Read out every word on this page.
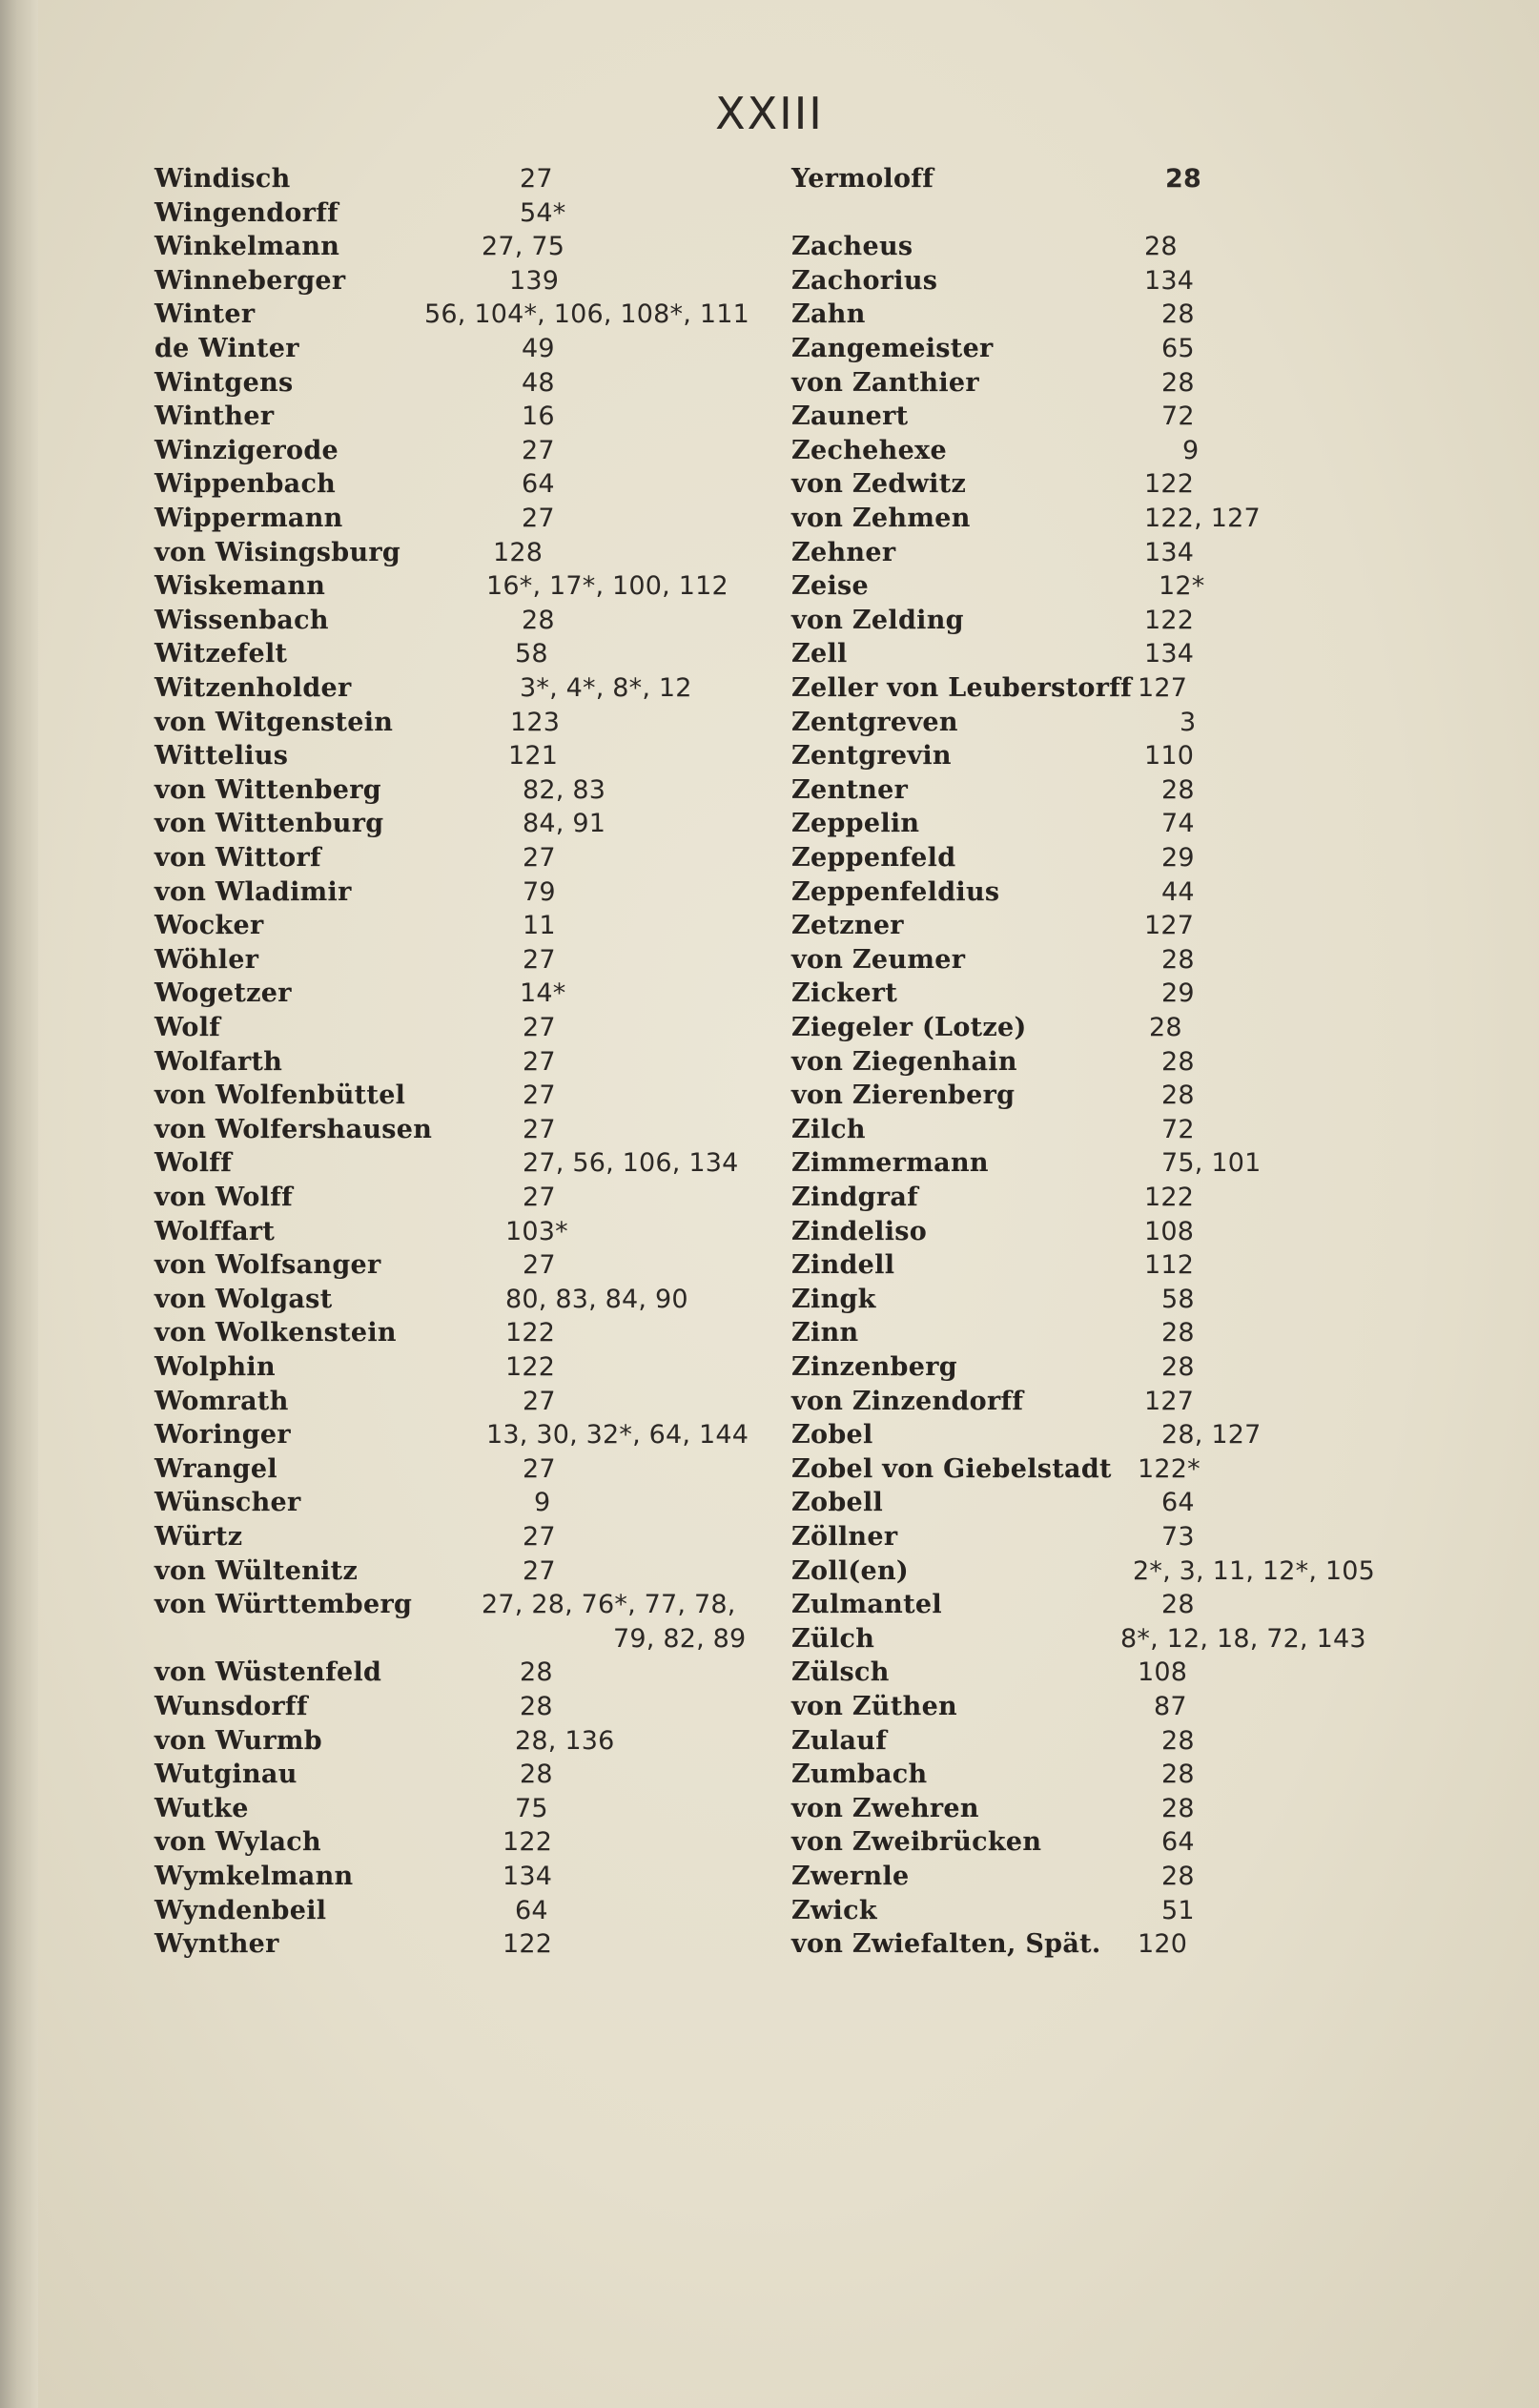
XXIII
Windisch	27
Wingendorff	54*
Winkelmann	27, 75
Winneberger	139
Winter	56, 104*, 106, 108*, 111
de Winter	49
Wintgens	48
Winther	16
Winzigerode	27
Wippenbach	64
Wippermann	27
von Wisingsburg	128
Wiskemann	16*, 17*, 100, 112
Wissenbach	28
Witzefelt	58
Witzenholder	3*, 4*, 8*, 12
von Witgenstein	123
Wittelius	121
von Wittenberg	82, 83
von Wittenburg	84, 91
von Wittorf	27
von Wladimir	79
Wocker	11
Wöhler	27
Wogetzer	14*
Wolf	27
Wolfarth	27
von Wolfenbüttel	27
von Wolfershausen	27
Wolff	27, 56, 106, 134
von Wolff	27
Wolffart	103*
von Wolfsanger	27
von Wolgast	80, 83, 84, 90
von Wolkenstein	122
Wolphin	122
Womrath	27
Woringer	13, 30, 32*, 64, 144
Wrangel	27
Wünscher	9
Würtz	27
von Wültenitz	27
von Württemberg	27, 28, 76*, 77, 78,
79, 82, 89
von Wüstenfeld	28
Wunsdorff	28
von Wurmb	28, 136
Wutginau	28
Wutke	75
von Wylach	122
Wymkelmann	134
Wyndenbeil	64
Wynther	122
Yermoloff	28
Zacheus	28
Zachorius	134
Zahn	28
Zangemeister	65
von Zanthier	28
Zaunert	72
Zechehexe	9
von Zedwitz	122
von Zehmen	122, 127
Zehner	134
Zeise	12*
von Zelding	122
Zell	134
Zeller von Leuberstorff 127
Zentgreven	3
Zentgrevin	110
Zentner	28
Zeppelin	74
Zeppenfeld	29
Zeppenfeldius	44
Zetzner	127
von Zeumer	28
Zickert	29
Ziegeler (Lotze)	28
von Ziegenhain	28
von Zierenberg	28
Zilch	72
Zimmermann	75, 101
Zindgraf	122
Zindeliso	108
Zindell	112
Zingk	58
Zinn	28
Zinzenberg	28
von Zinzendorff	127
Zobel	28, 127
Zobel von Giebelstadt 122*
Zobell	64
Zöllner	73
Zoll(en)	2*, 3, 11, 12*, 105
Zulmantel	28
Zülch	8*, 12, 18, 72, 143
Zülsch	108
von Züthen	87
Zulauf	28
Zumbach	28
von Zwehren	28
von Zweibrücken	64
Zwernle	28
Zwick	51
von Zwiefalten, Spät. 120
